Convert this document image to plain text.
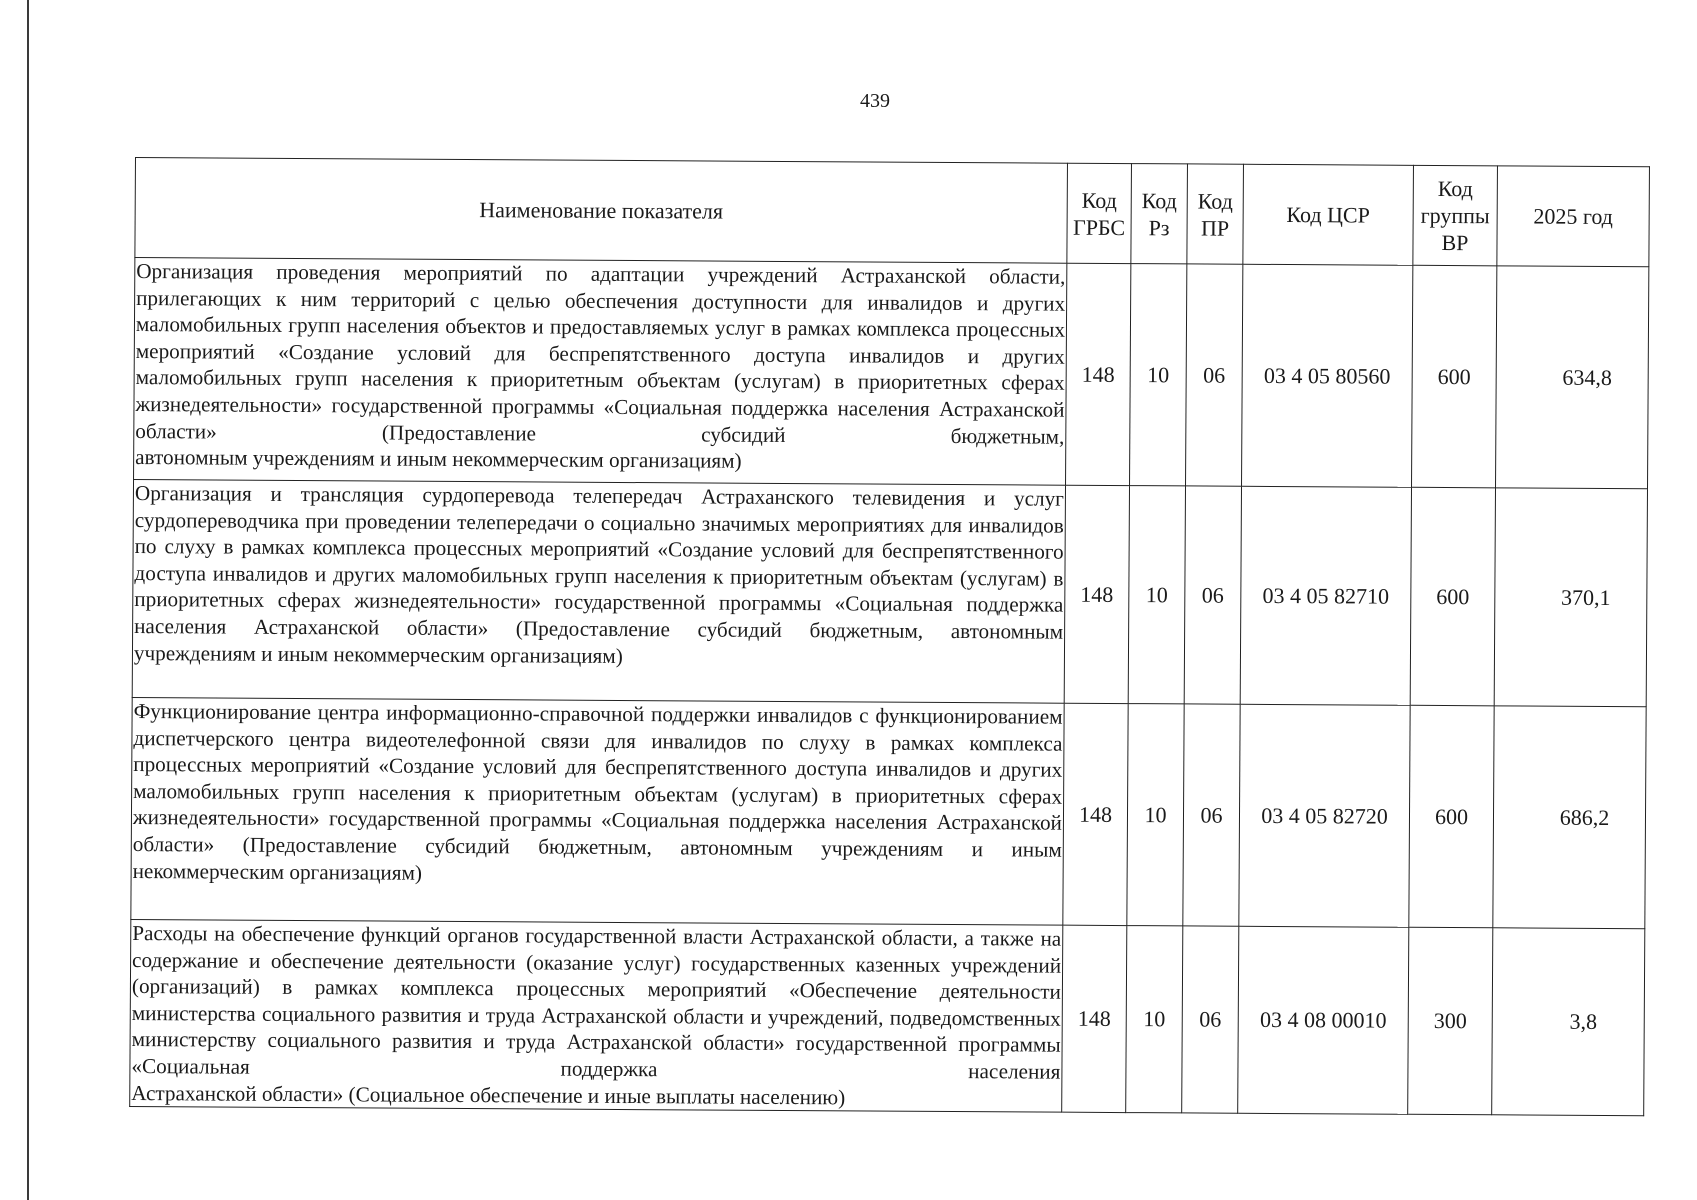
439
Наименование показателя	Код ГРБС	Код Рз	Код ПР	Код ЦСР	Код группы ВР	2025 год
Организация проведения мероприятий по адаптации учреждений Астраханской области, прилегающих к ним территорий с целью обеспечения доступности для инвалидов и других маломобильных групп населения объектов и предоставляемых услуг в рамках комплекса процессных мероприятий «Создание условий для беспрепятственного доступа инвалидов и других маломобильных групп населения к приоритетным объектам (услугам) в приоритетных сферах жизнедеятельности» государственной программы «Социальная поддержка населения Астраханской области» (Предоставление субсидий бюджетным,
автономным учреждениям и иным некоммерческим организациям)	148	10	06	03 4 05 80560	600	634,8
Организация и трансляция сурдоперевода телепередач Астраханского телевидения и услуг сурдопереводчика при проведении телепередачи о социально значимых мероприятиях для инвалидов по слуху в рамках комплекса процессных мероприятий «Создание условий для беспрепятственного доступа инвалидов и других маломобильных групп населения к приоритетным объектам (услугам) в приоритетных сферах жизнедеятельности» государственной программы «Социальная поддержка населения Астраханской области» (Предоставление субсидий бюджетным, автономным
учреждениям и иным некоммерческим организациям)	148	10	06	03 4 05 82710	600	370,1
Функционирование центра информационно-справочной поддержки инвалидов с функционированием диспетчерского центра видеотелефонной связи для инвалидов по слуху в рамках комплекса процессных мероприятий «Создание условий для беспрепятственного доступа инвалидов и других маломобильных групп населения к приоритетным объектам (услугам) в приоритетных сферах жизнедеятельности» государственной программы «Социальная поддержка населения Астраханской области» (Предоставление субсидий бюджетным, автономным учреждениям и иным
некоммерческим организациям)	148	10	06	03 4 05 82720	600	686,2
Расходы на обеспечение функций органов государственной власти Астраханской области, а также на содержание и обеспечение деятельности (оказание услуг) государственных казенных учреждений (организаций) в рамках комплекса процессных мероприятий «Обеспечение деятельности министерства социального развития и труда Астраханской области и учреждений, подведомственных министерству социального развития и труда Астраханской области» государственной программы «Социальная поддержка населения
Астраханской области» (Социальное обеспечение и иные выплаты населению)	148	10	06	03 4 08 00010	300	3,8
